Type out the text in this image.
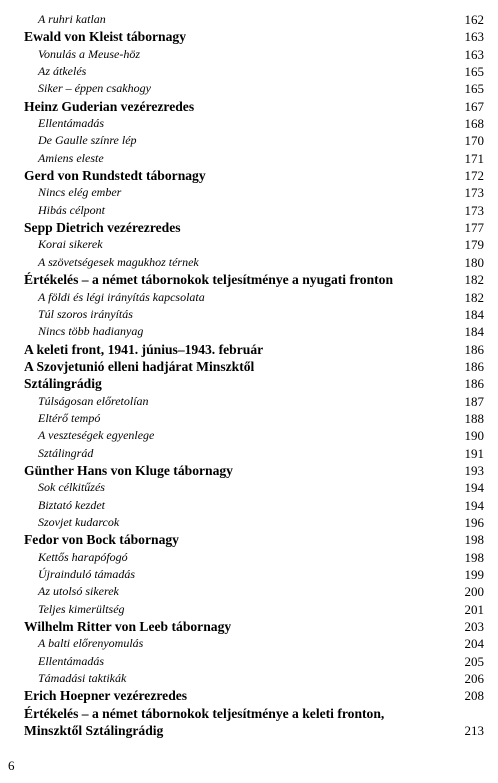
A ruhri katlan	162
Ewald von Kleist tábornagy	163
Vonulás a Meuse-höz	163
Az átkelés	165
Siker – éppen csakhogy	165
Heinz Guderian vezérezredes	167
Ellentámadás	168
De Gaulle színre lép	170
Amiens eleste	171
Gerd von Rundstedt tábornagy	172
Nincs elég ember	173
Hibás célpont	173
Sepp Dietrich vezérezredes	177
Korai sikerek	179
A szövetségesek magukhoz térnek	180
Értékelés – a német tábornokok teljesítménye a nyugati fronton	182
A földi és légi irányítás kapcsolata	182
Túl szoros irányítás	184
Nincs több hadianyag	184
A keleti front, 1941. június–1943. február	186
A Szovjetunió elleni hadjárat Minszktől	186
Sztálingrádig	186
Túlságosan előretolían	187
Eltérő tempó	188
A veszteségek egyenlege	190
Sztálingrád	191
Günther Hans von Kluge tábornagy	193
Sok célkitűzés	194
Biztató kezdet	194
Szovjet kudarcok	196
Fedor von Bock tábornagy	198
Kettős harapófogó	198
Újrainduló támadás	199
Az utolsó sikerek	200
Teljes kimerültség	201
Wilhelm Ritter von Leeb tábornagy	203
A balti előrenyomulás	204
Ellentámadás	205
Támadási taktikák	206
Erich Hoepner vezérezredes	208
Értékelés – a német tábornokok teljesítménye a keleti fronton,
Minszktől Sztálingrádig	213
6
